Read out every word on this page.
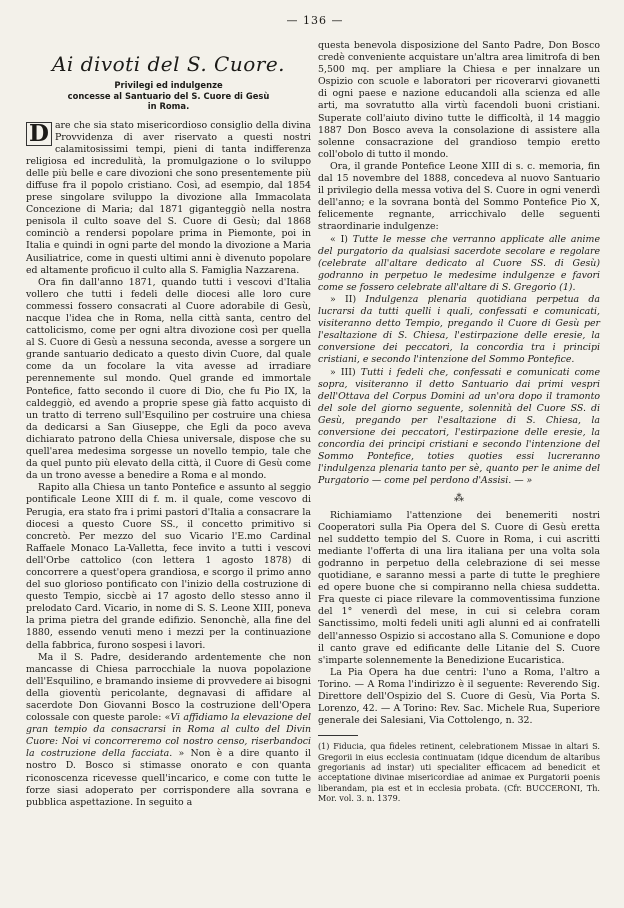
— 136 —
Ai divoti del S. Cuore.
Privilegi ed indulgenze
concesse al Santuario del S. Cuore di Gesù
in Roma.

D are che sia stato misericordioso consiglio della divina Provvidenza di aver riservato a questi nostri calamitosissimi tempi, pieni di tanta indifferenza religiosa ed incredulità, la promulgazione o lo sviluppo delle più belle e care divozioni che sono presentemente più diffuse fra il popolo cristiano. Così, ad esempio, dal 1854 prese singolare sviluppo la divozione alla Immacolata Concezione di Maria; dal 1871 giganteggiò nella nostra penisola il culto soave del S. Cuore di Gesù; dal 1868 cominciò a rendersi popolare prima in Piemonte, poi in Italia e quindi in ogni parte del mondo la divozione a Maria Ausiliatrice, come in questi ultimi anni è divenuto popolare ed altamente proficuo il culto alla S. Famiglia Nazzarena.

Ora fin dall'anno 1871, quando tutti i vescovi d'Italia vollero che tutti i fedeli delle diocesi alle loro cure commessi fossero consacrati al Cuore adorabile di Gesù, nacque l'idea che in Roma, nella città santa, centro del cattolicismo, come per ogni altra divozione così per quella al S. Cuore di Gesù a nessuna seconda, avesse a sorgere un grande santuario dedicato a questo divin Cuore, dal quale come da un focolare la vita avesse ad irradiare perennemente sul mondo. Quel grande ed immortale Pontefice, fatto secondo il cuore di Dio, che fu Pio IX, la caldeggiò, ed avendo a proprie spese già fatto acquisto di un tratto di terreno sull'Esquilino per costruire una chiesa da dedicarsi a San Giuseppe, che Egli da poco aveva dichiarato patrono della Chiesa universale, dispose che su quell'area medesima sorgesse un novello tempio, tale che da quel punto più elevato della città, il Cuore di Gesù come da un trono avesse a benedire a Roma e al mondo.

Rapito alla Chiesa un tanto Pontefice e assunto al seggio pontificale Leone XIII di f. m. il quale, come vescovo di Perugia, era stato fra i primi pastori d'Italia a consacrare la diocesi a questo Cuore SS., il concetto primitivo si concretò. Per mezzo del suo Vicario l'E.mo Cardinal Raffaele Monaco La-Valletta, fece invito a tutti i vescovi dell'Orbe cattolico (con lettera 1 agosto 1878) di concorrere a quest'opera grandiosa, e scorgo il primo anno del suo glorioso pontificato con l'inizio della costruzione di questo Tempio, siccbè ai 17 agosto dello stesso anno il prelodato Card. Vicario, in nome di S. S. Leone XIII, poneva la prima pietra del grande edifizio. Senonchè, alla fine del 1880, essendo venuti meno i mezzi per la continuazione della fabbrica, furono sospesi i lavori.

Ma il S. Padre, desiderando ardentemente che non mancasse di Chiesa parrocchiale la nuova popolazione dell'Esquilino, e bramando insieme di provvedere ai bisogni della gioventù pericolante, degnavasi di affidare al sacerdote Don Giovanni Bosco la costruzione dell'Opera colossale con queste parole: «Vi affidiamo la elevazione del gran tempio da consacrarsi in Roma al culto del Divin Cuore: Noi vi concorreremo col nostro censo, riserbandoci la costruzione della facciata. » Non è a dire quanto il nostro D. Bosco si stimasse onorato e con quanta riconoscenza ricevesse quell'incarico, e come con tutte le forze siasi adoperato per corrispondere alla sovrana e pubblica aspettazione. In seguito a

questa benevola disposizione del Santo Padre, Don Bosco credè conveniente acquistare un'altra area limitrofa di ben 5,500 mq. per ampliare la Chiesa e per innalzare un Ospizio con scuole e laboratori per ricoverarvi giovanetti di ogni paese e nazione educandoli alla scienza ed alle arti, ma sovratutto alla virtù facendoli buoni cristiani. Superate coll'aiuto divino tutte le difficoltà, il 14 maggio 1887 Don Bosco aveva la consolazione di assistere alla solenne consacrazione del grandioso tempio eretto coll'obolo di tutto il mondo.

Ora, il grande Pontefice Leone XIII di s. c. memoria, fin dal 15 novembre del 1888, concedeva al nuovo Santuario il privilegio della messa votiva del S. Cuore in ogni venerdì dell'anno; e la sovrana bontà del Sommo Pontefice Pio X, felicemente regnante, arricchivalo delle seguenti straordinarie indulgenze:

« I) Tutte le messe che verranno applicate alle anime del purgatorio da qualsiasi sacerdote secolare e regolare (celebrate all'altare dedicato al Cuore SS. di Gesù) godranno in perpetuo le medesime indulgenze e favori come se fossero celebrate all'altare di S. Gregorio (1).

» II) Indulgenza plenaria quotidiana perpetua da lucrarsi da tutti quelli i quali, confessati e comunicati, visiteranno detto Tempio, pregando il Cuore di Gesù per l'esaltazione di S. Chiesa, l'estirpazione delle eresie, la conversione dei peccatori, la concordia tra i principi cristiani, e secondo l'intenzione del Sommo Pontefice.

» III) Tutti i fedeli che, confessati e comunicati come sopra, visiteranno il detto Santuario dai primi vespri dell'Ottava del Corpus Domini ad un'ora dopo il tramonto del sole del giorno seguente, solennità del Cuore SS. di Gesù, pregando per l'esaltazione di S. Chiesa, la conversione dei peccatori, l'estirpazione delle eresie, la concordia dei principi cristiani e secondo l'intenzione del Sommo Pontefice, toties quoties essi lucreranno l'indulgenza plenaria tanto per sè, quanto per le anime del Purgatorio — come pel perdono d'Assisi. — »

⁂

Richiamiamo l'attenzione dei benemeriti nostri Cooperatori sulla Pia Opera del S. Cuore di Gesù eretta nel suddetto tempio del S. Cuore in Roma, i cui ascritti mediante l'offerta di una lira italiana per una volta sola godranno in perpetuo della celebrazione di sei messe quotidiane, e saranno messi a parte di tutte le preghiere ed opere buone che si compiranno nella chiesa suddetta. Fra queste ci piace rilevare la commoventissima funzione del 1° venerdì del mese, in cui si celebra coram Sanctissimo, molti fedeli uniti agli alunni ed ai confratelli dell'annesso Ospizio si accostano alla S. Comunione e dopo il canto grave ed edificante delle Litanie del S. Cuore s'imparte solennemente la Benedizione Eucaristica.

La Pia Opera ha due centri: l'uno a Roma, l'altro a Torino. — A Roma l'indirizzo è il seguente: Reverendo Sig. Direttore dell'Ospizio del S. Cuore di Gesù, Via Porta S. Lorenzo, 42. — A Torino: Rev. Sac. Michele Rua, Superiore generale dei Salesiani, Via Cottolengo, n. 32.

(1) Fiducia, qua fideles retinent, celebrationem Missae in altari S. Gregorii in eius ecclesia continuatam (idque dicendum de altaribus gregorianis ad instar) uti specialiter efficacem ad benedicit et acceptatione divinae misericordiae ad animae ex Purgatorii poenis liberandam, pia est et in ecclesia probata. (Cfr. BUCCERONI, Th. Mor. vol. 3. n. 1379.
